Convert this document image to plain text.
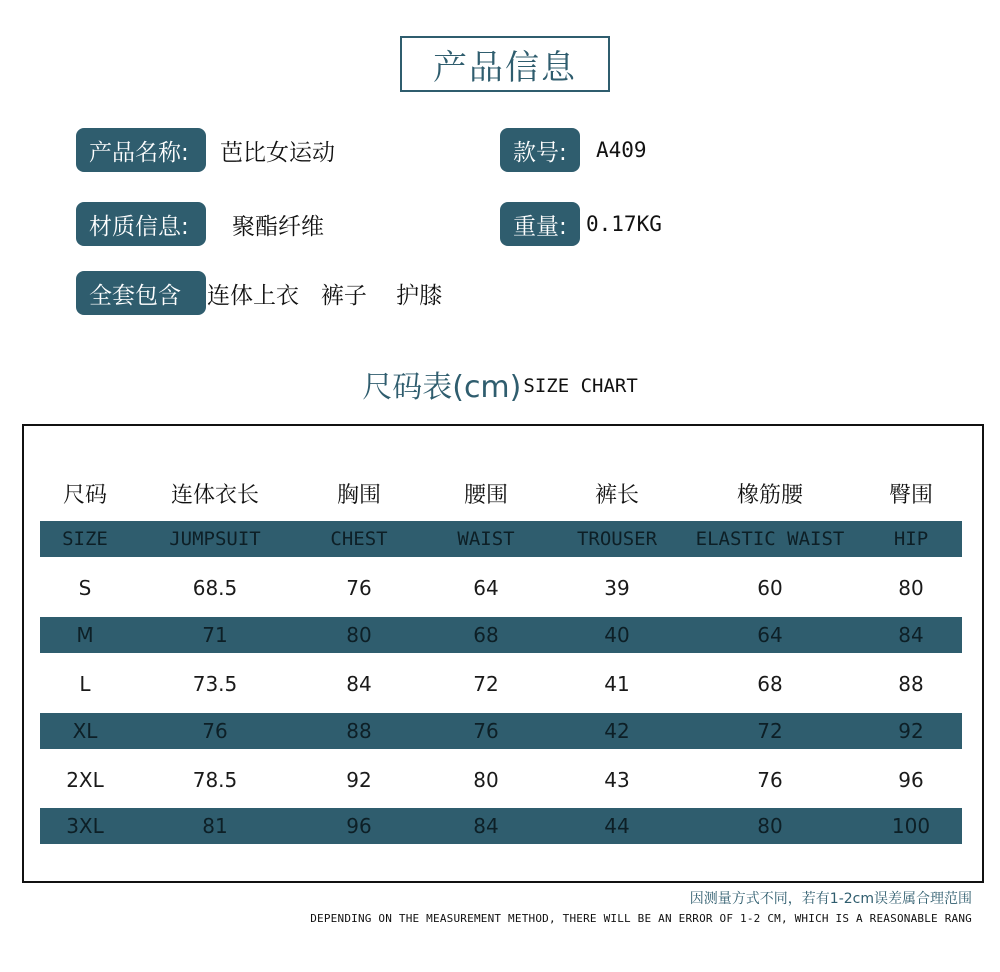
产品信息
产品名称:	芭比女运动	款号:	A409
材质信息:	聚酯纤维	重量: 0.17KG
全套包含	连体上衣   裤子    护膝
尺码表(cm) SIZE CHART
尺码	连体衣长	胸围	腰围	裤长	橡筋腰	臀围
SIZE	JUMPSUIT	CHEST	WAIST	TROUSER	ELASTIC WAIST	HIP
S	68.5	76	64	39	60	80
M	71	80	68	40	64	84
L	73.5	84	72	41	68	88
XL	76	88	76	42	72	92
2XL	78.5	92	80	43	76	96
3XL	81	96	84	44	80	100
因测量方式不同，若有1-2cm误差属合理范围
DEPENDING ON THE MEASUREMENT METHOD, THERE WILL BE AN ERROR OF 1-2 CM, WHICH IS A REASONABLE RANG
